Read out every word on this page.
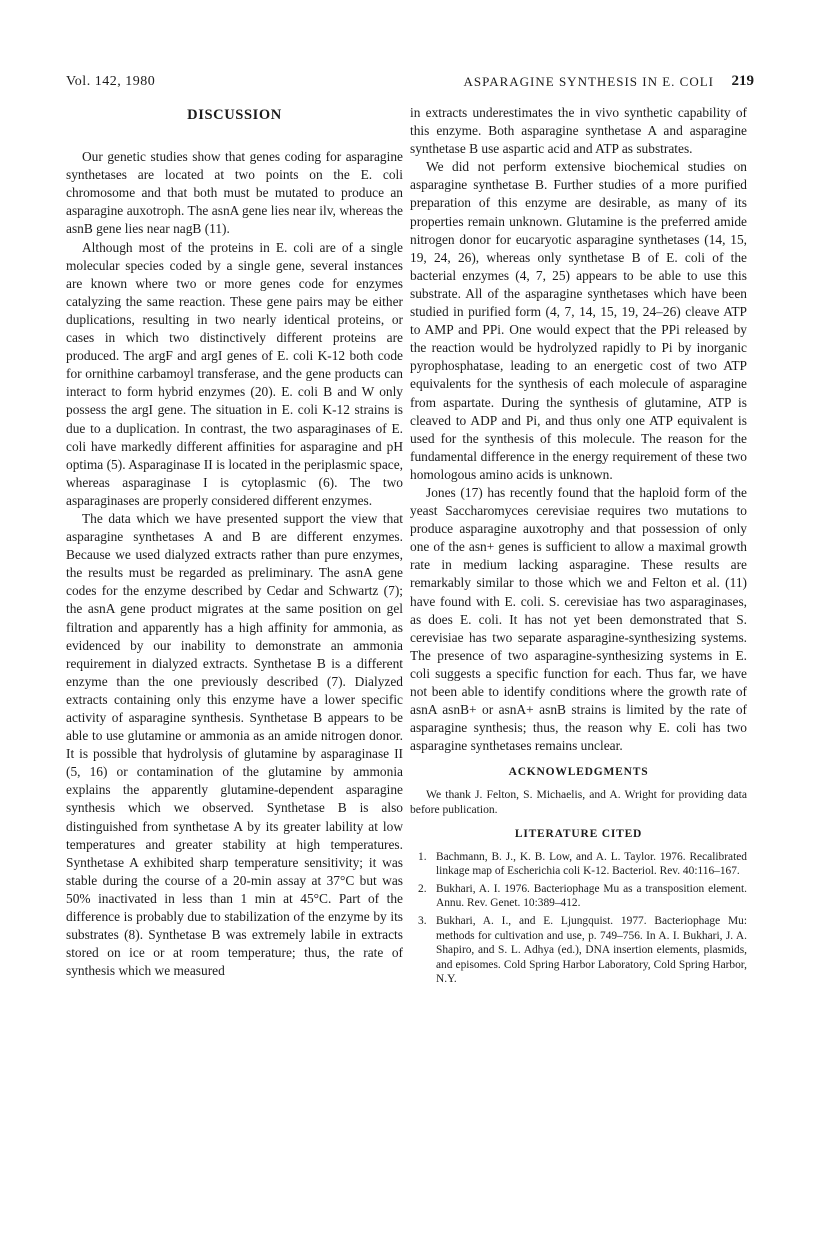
Vol. 142, 1980	ASPARAGINE SYNTHESIS IN E. COLI 219
DISCUSSION

Our genetic studies show that genes coding for asparagine synthetases are located at two points on the E. coli chromosome and that both must be mutated to produce an asparagine auxotroph. The asnA gene lies near ilv, whereas the asnB gene lies near nagB (11).

Although most of the proteins in E. coli are of a single molecular species coded by a single gene, several instances are known where two or more genes code for enzymes catalyzing the same reaction. These gene pairs may be either duplications, resulting in two nearly identical proteins, or cases in which two distinctively different proteins are produced. The argF and argI genes of E. coli K-12 both code for ornithine carbamoyl transferase, and the gene products can interact to form hybrid enzymes (20). E. coli B and W only possess the argI gene. The situation in E. coli K-12 strains is due to a duplication. In contrast, the two asparaginases of E. coli have markedly different affinities for asparagine and pH optima (5). Asparaginase II is located in the periplasmic space, whereas asparaginase I is cytoplasmic (6). The two asparaginases are properly considered different enzymes.

The data which we have presented support the view that asparagine synthetases A and B are different enzymes. Because we used dialyzed extracts rather than pure enzymes, the results must be regarded as preliminary. The asnA gene codes for the enzyme described by Cedar and Schwartz (7); the asnA gene product migrates at the same position on gel filtration and apparently has a high affinity for ammonia, as evidenced by our inability to demonstrate an ammonia requirement in dialyzed extracts. Synthetase B is a different enzyme than the one previously described (7). Dialyzed extracts containing only this enzyme have a lower specific activity of asparagine synthesis. Synthetase B appears to be able to use glutamine or ammonia as an amide nitrogen donor. It is possible that hydrolysis of glutamine by asparaginase II (5, 16) or contamination of the glutamine by ammonia explains the apparently glutamine-dependent asparagine synthesis which we observed. Synthetase B is also distinguished from synthetase A by its greater lability at low temperatures and greater stability at high temperatures. Synthetase A exhibited sharp temperature sensitivity; it was stable during the course of a 20-min assay at 37°C but was 50% inactivated in less than 1 min at 45°C. Part of the difference is probably due to stabilization of the enzyme by its substrates (8). Synthetase B was extremely labile in extracts stored on ice or at room temperature; thus, the rate of synthesis which we measured

in extracts underestimates the in vivo synthetic capability of this enzyme. Both asparagine synthetase A and asparagine synthetase B use aspartic acid and ATP as substrates.

We did not perform extensive biochemical studies on asparagine synthetase B. Further studies of a more purified preparation of this enzyme are desirable, as many of its properties remain unknown. Glutamine is the preferred amide nitrogen donor for eucaryotic asparagine synthetases (14, 15, 19, 24, 26), whereas only synthetase B of E. coli of the bacterial enzymes (4, 7, 25) appears to be able to use this substrate. All of the asparagine synthetases which have been studied in purified form (4, 7, 14, 15, 19, 24–26) cleave ATP to AMP and PPi. One would expect that the PPi released by the reaction would be hydrolyzed rapidly to Pi by inorganic pyrophosphatase, leading to an energetic cost of two ATP equivalents for the synthesis of each molecule of asparagine from aspartate. During the synthesis of glutamine, ATP is cleaved to ADP and Pi, and thus only one ATP equivalent is used for the synthesis of this molecule. The reason for the fundamental difference in the energy requirement of these two homologous amino acids is unknown.

Jones (17) has recently found that the haploid form of the yeast Saccharomyces cerevisiae requires two mutations to produce asparagine auxotrophy and that possession of only one of the asn+ genes is sufficient to allow a maximal growth rate in medium lacking asparagine. These results are remarkably similar to those which we and Felton et al. (11) have found with E. coli. S. cerevisiae has two asparaginases, as does E. coli. It has not yet been demonstrated that S. cerevisiae has two separate asparagine-synthesizing systems. The presence of two asparagine-synthesizing systems in E. coli suggests a specific function for each. Thus far, we have not been able to identify conditions where the growth rate of asnA asnB+ or asnA+ asnB strains is limited by the rate of asparagine synthesis; thus, the reason why E. coli has two asparagine synthetases remains unclear.

ACKNOWLEDGMENTS

We thank J. Felton, S. Michaelis, and A. Wright for providing data before publication.

LITERATURE CITED
1. Bachmann, B. J., K. B. Low, and A. L. Taylor. 1976. Recalibrated linkage map of Escherichia coli K-12. Bacteriol. Rev. 40:116–167.
2. Bukhari, A. I. 1976. Bacteriophage Mu as a transposition element. Annu. Rev. Genet. 10:389–412.
3. Bukhari, A. I., and E. Ljungquist. 1977. Bacteriophage Mu: methods for cultivation and use, p. 749–756. In A. I. Bukhari, J. A. Shapiro, and S. L. Adhya (ed.), DNA insertion elements, plasmids, and episomes. Cold Spring Harbor Laboratory, Cold Spring Harbor, N.Y.
